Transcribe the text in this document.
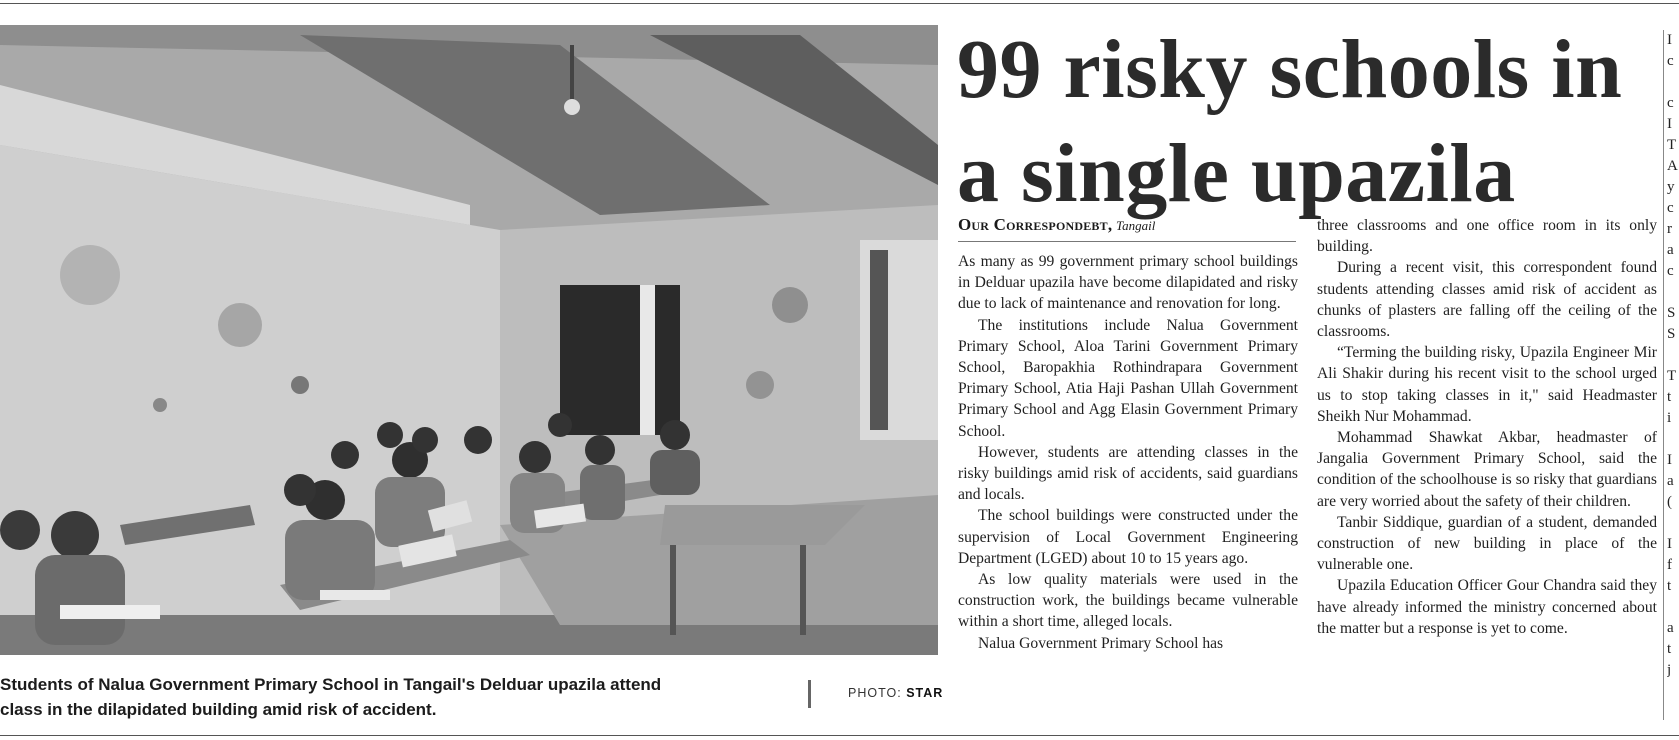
Students of Nalua Government Primary School in Tangail's Delduar upazila attend class in the dilapidated building amid risk of accident.
PHOTO: STAR
99 risky schools in
a single upazila
Our Correspondebt, Tangail

As many as 99 government primary school buildings in Delduar upazila have become dilapidated and risky due to lack of maintenance and renovation for long.

The institutions include Nalua Government Primary School, Aloa Tarini Government Primary School, Baropakhia Rothindrapara Government Primary School, Atia Haji Pashan Ullah Government Primary School and Agg Elasin Government Primary School.

However, students are attending classes in the risky buildings amid risk of accidents, said guardians and locals.

The school buildings were constructed under the supervision of Local Government Engineering Department (LGED) about 10 to 15 years ago.

As low quality materials were used in the construction work, the buildings became vulnerable within a short time, alleged locals.

Nalua Government Primary School has

three classrooms and one office room in its only building.

During a recent visit, this correspondent found students attending classes amid risk of accident as chunks of plasters are falling off the ceiling of the classrooms.

“Terming the building risky, Upazila Engineer Mir Ali Shakir during his recent visit to the school urged us to stop taking classes in it," said Headmaster Sheikh Nur Mohammad.

Mohammad Shawkat Akbar, headmaster of Jangalia Government Primary School, said the condition of the schoolhouse is so risky that guardians are very worried about the safety of their children.

Tanbir Siddique, guardian of a student, demanded construction of new building in place of the vulnerable one.

Upazila Education Officer Gour Chandra said they have already informed the ministry concerned about the matter but a response is yet to come.

I
c

c
I
T
A
y
c
r
a
c

S
S

T
t
i

I
a
(

I
f
t

a
t
j
